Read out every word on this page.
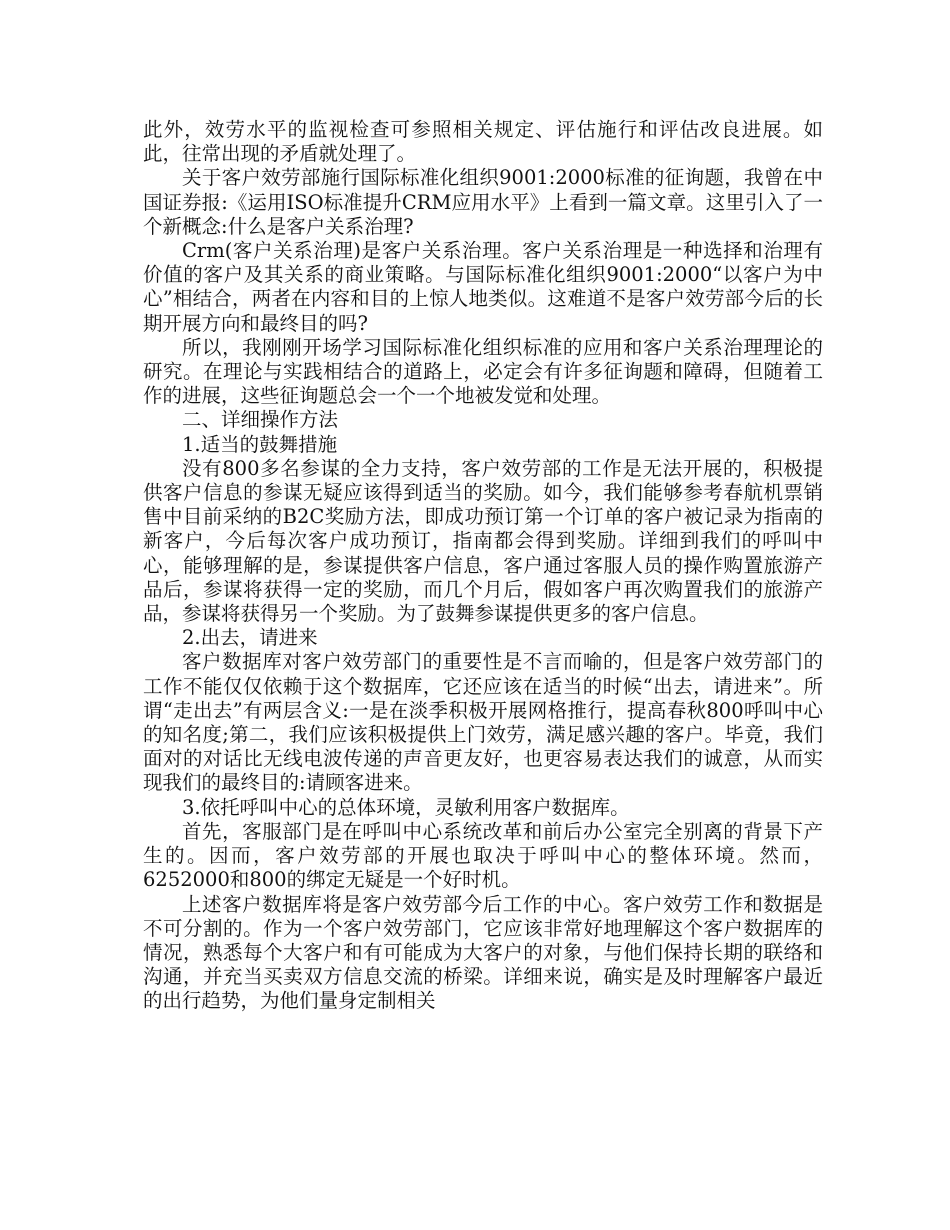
此外，效劳水平的监视检查可参照相关规定、评估施行和评估改良进展。如此，往常出现的矛盾就处理了。

关于客户效劳部施行国际标准化组织9001:2000标准的征询题，我曾在中国证券报:《运用ISO标准提升CRM应用水平》上看到一篇文章。这里引入了一个新概念:什么是客户关系治理?

Crm(客户关系治理)是客户关系治理。客户关系治理是一种选择和治理有价值的客户及其关系的商业策略。与国际标准化组织9001:2000“以客户为中心”相结合，两者在内容和目的上惊人地类似。这难道不是客户效劳部今后的长期开展方向和最终目的吗?

所以，我刚刚开场学习国际标准化组织标准的应用和客户关系治理理论的研究。在理论与实践相结合的道路上，必定会有许多征询题和障碍，但随着工作的进展，这些征询题总会一个一个地被发觉和处理。

二、详细操作方法

1.适当的鼓舞措施

没有800多名参谋的全力支持，客户效劳部的工作是无法开展的，积极提供客户信息的参谋无疑应该得到适当的奖励。如今，我们能够参考春航机票销售中目前采纳的B2C奖励方法，即成功预订第一个订单的客户被记录为指南的新客户，今后每次客户成功预订，指南都会得到奖励。详细到我们的呼叫中心，能够理解的是，参谋提供客户信息，客户通过客服人员的操作购置旅游产品后，参谋将获得一定的奖励，而几个月后，假如客户再次购置我们的旅游产品，参谋将获得另一个奖励。为了鼓舞参谋提供更多的客户信息。

2.出去，请进来

客户数据库对客户效劳部门的重要性是不言而喻的，但是客户效劳部门的工作不能仅仅依赖于这个数据库，它还应该在适当的时候“出去，请进来”。所谓“走出去”有两层含义:一是在淡季积极开展网格推行，提高春秋800呼叫中心的知名度;第二，我们应该积极提供上门效劳，满足感兴趣的客户。毕竟，我们面对的对话比无线电波传递的声音更友好，也更容易表达我们的诚意，从而实现我们的最终目的:请顾客进来。

3.依托呼叫中心的总体环境，灵敏利用客户数据库。

首先，客服部门是在呼叫中心系统改革和前后办公室完全别离的背景下产生的。因而，客户效劳部的开展也取决于呼叫中心的整体环境。然而，6252000和800的绑定无疑是一个好时机。

上述客户数据库将是客户效劳部今后工作的中心。客户效劳工作和数据是不可分割的。作为一个客户效劳部门，它应该非常好地理解这个客户数据库的情况，熟悉每个大客户和有可能成为大客户的对象，与他们保持长期的联络和沟通，并充当买卖双方信息交流的桥梁。详细来说，确实是及时理解客户最近的出行趋势，为他们量身定制相关
